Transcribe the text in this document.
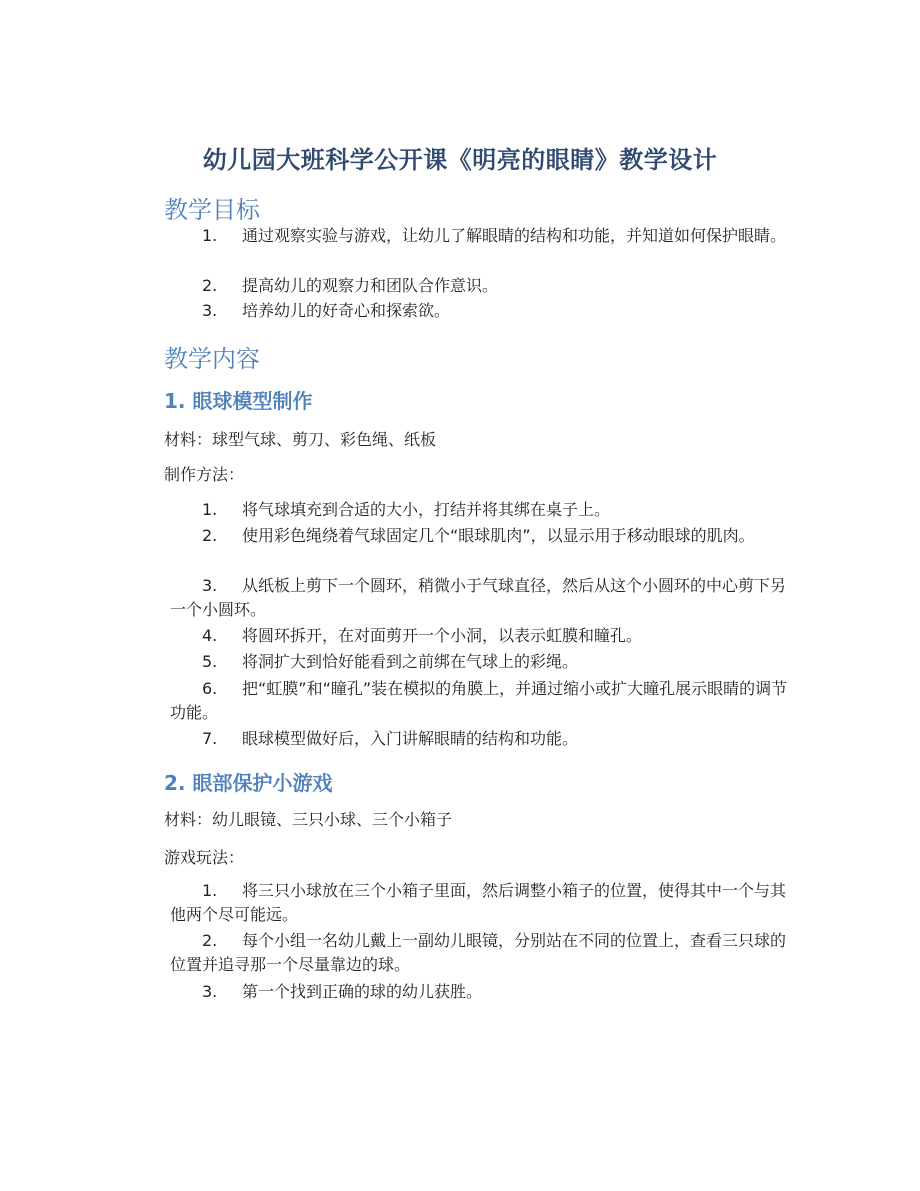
幼儿园大班科学公开课《明亮的眼睛》教学设计
教学目标
1. 通过观察实验与游戏，让幼儿了解眼睛的结构和功能，并知道如何保护眼睛。
2. 提高幼儿的观察力和团队合作意识。
3. 培养幼儿的好奇心和探索欲。
教学内容
1. 眼球模型制作
材料：球型气球、剪刀、彩色绳、纸板
制作方法：
1. 将气球填充到合适的大小，打结并将其绑在桌子上。
2. 使用彩色绳绕着气球固定几个“眼球肌肉”，以显示用于移动眼球的肌肉。
3. 从纸板上剪下一个圆环，稍微小于气球直径，然后从这个小圆环的中心剪下另一个小圆环。
4. 将圆环拆开，在对面剪开一个小洞，以表示虹膜和瞳孔。
5. 将洞扩大到恰好能看到之前绑在气球上的彩绳。
6. 把“虹膜”和“瞳孔”装在模拟的角膜上，并通过缩小或扩大瞳孔展示眼睛的调节功能。
7. 眼球模型做好后，入门讲解眼睛的结构和功能。
2. 眼部保护小游戏
材料：幼儿眼镜、三只小球、三个小箱子
游戏玩法：
1. 将三只小球放在三个小箱子里面，然后调整小箱子的位置，使得其中一个与其他两个尽可能远。
2. 每个小组一名幼儿戴上一副幼儿眼镜，分别站在不同的位置上，查看三只球的位置并追寻那一个尽量靠边的球。
3. 第一个找到正确的球的幼儿获胜。
